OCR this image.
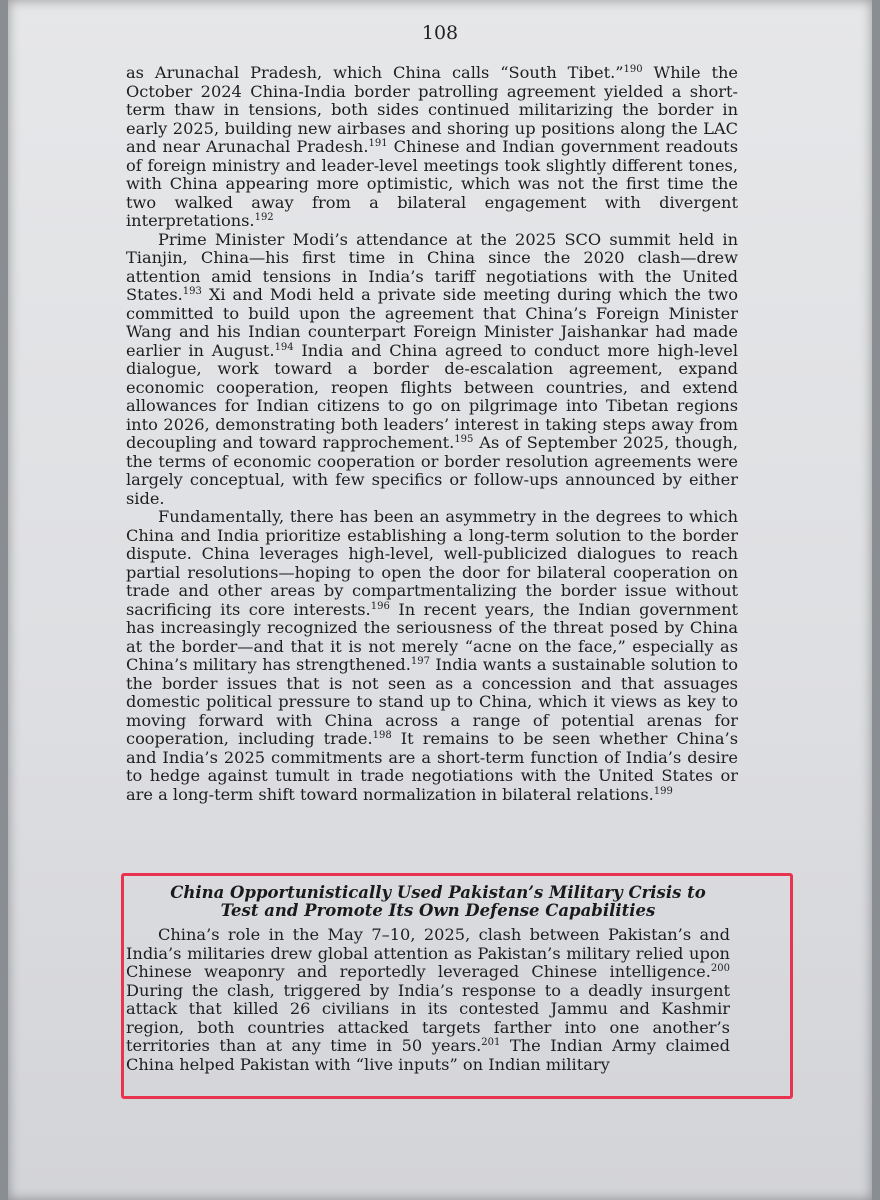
108

as Arunachal Pradesh, which China calls “South Tibet.”$^{190}$ While the October 2024 China-India border patrolling agreement yielded a short-term thaw in tensions, both sides continued militarizing the border in early 2025, building new airbases and shoring up positions along the LAC and near Arunachal Pradesh.$^{191}$ Chinese and Indian government readouts of foreign ministry and leader-level meetings took slightly different tones, with China appearing more optimistic, which was not the first time the two walked away from a bilateral engagement with divergent interpretations.$^{192}$

Prime Minister Modi’s attendance at the 2025 SCO summit held in Tianjin, China—his first time in China since the 2020 clash—drew attention amid tensions in India’s tariff negotiations with the United States.$^{193}$ Xi and Modi held a private side meeting during which the two committed to build upon the agreement that China’s Foreign Minister Wang and his Indian counterpart Foreign Minister Jaishankar had made earlier in August.$^{194}$ India and China agreed to conduct more high-level dialogue, work toward a border de-escalation agreement, expand economic cooperation, reopen flights between countries, and extend allowances for Indian citizens to go on pilgrimage into Tibetan regions into 2026, demonstrating both leaders’ interest in taking steps away from decoupling and toward rapprochement.$^{195}$ As of September 2025, though, the terms of economic cooperation or border resolution agreements were largely conceptual, with few specifics or follow-ups announced by either side.

Fundamentally, there has been an asymmetry in the degrees to which China and India prioritize establishing a long-term solution to the border dispute. China leverages high-level, well-publicized dialogues to reach partial resolutions—hoping to open the door for bilateral cooperation on trade and other areas by compartmentalizing the border issue without sacrificing its core interests.$^{196}$ In recent years, the Indian government has increasingly recognized the seriousness of the threat posed by China at the border—and that it is not merely “acne on the face,” especially as China’s military has strengthened.$^{197}$ India wants a sustainable solution to the border issues that is not seen as a concession and that assuages domestic political pressure to stand up to China, which it views as key to moving forward with China across a range of potential arenas for cooperation, including trade.$^{198}$ It remains to be seen whether China’s and India’s 2025 commitments are a short-term function of India’s desire to hedge against tumult in trade negotiations with the United States or are a long-term shift toward normalization in bilateral relations.$^{199}$

China Opportunistically Used Pakistan’s Military Crisis to
Test and Promote Its Own Defense Capabilities

China’s role in the May 7–10, 2025, clash between Pakistan’s and India’s militaries drew global attention as Pakistan’s military relied upon Chinese weaponry and reportedly leveraged Chinese intelligence.$^{200}$ During the clash, triggered by India’s response to a deadly insurgent attack that killed 26 civilians in its contested Jammu and Kashmir region, both countries attacked targets farther into one another’s territories than at any time in 50 years.$^{201}$ The Indian Army claimed China helped Pakistan with “live inputs” on Indian military
